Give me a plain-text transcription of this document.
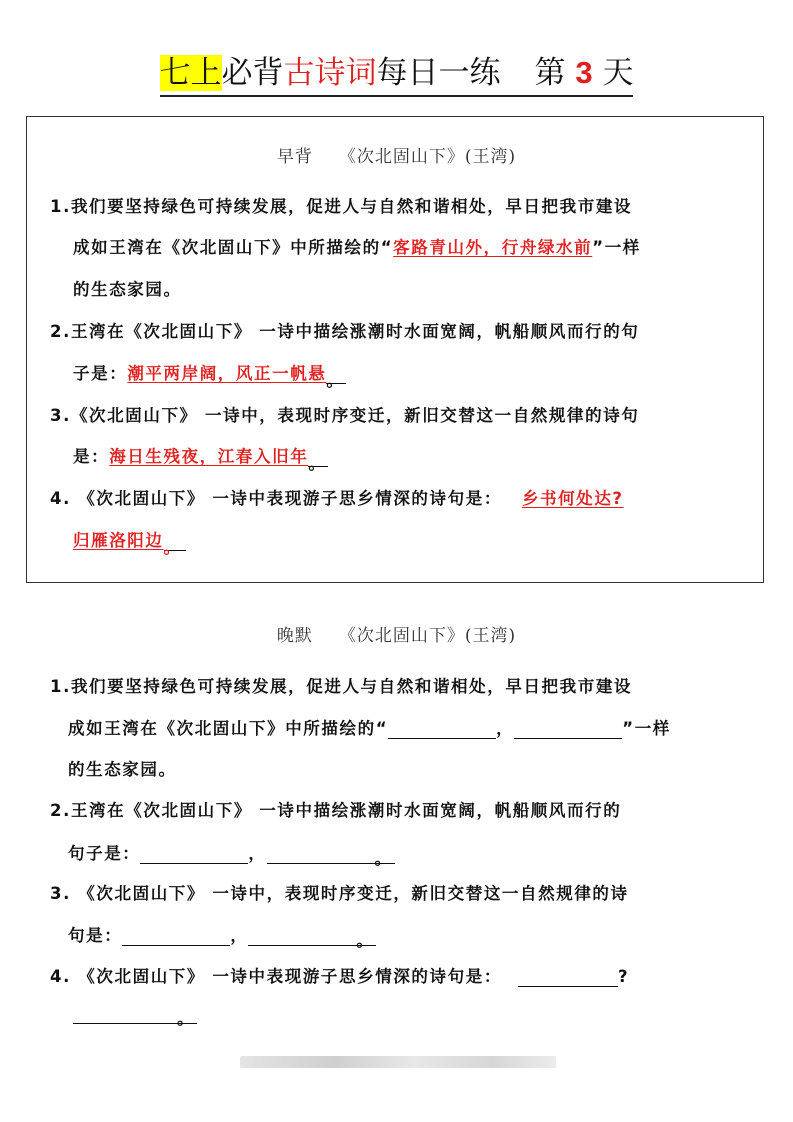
七上必背古诗词每日一练 第 3 天
早背 《次北固山下》(王湾)
1.我们要坚持绿色可持续发展，促进人与自然和谐相处，早日把我市建设
成如王湾在《次北固山下》中所描绘的“客路青山外，行舟绿水前”一样
的生态家园。
2.王湾在《次北固山下》 一诗中描绘涨潮时水面宽阔，帆船顺风而行的句
子是：潮平两岸阔，风正一帆悬。
3.《次北固山下》 一诗中，表现时序变迁，新旧交替这一自然规律的诗句
是：海日生残夜，江春入旧年。
4. 《次北固山下》 一诗中表现游子思乡情深的诗句是： 乡书何处达?
归雁洛阳边。
晚默 《次北固山下》(王湾)
1.我们要坚持绿色可持续发展，促进人与自然和谐相处，早日把我市建设
成如王湾在《次北固山下》中所描绘的“	，	”一样
的生态家园。
2.王湾在《次北固山下》 一诗中描绘涨潮时水面宽阔，帆船顺风而行的
句子是：	，	。
3. 《次北固山下》 一诗中，表现时序变迁，新旧交替这一自然规律的诗
句是：	，	。
4. 《次北固山下》 一诗中表现游子思乡情深的诗句是：	?
。
